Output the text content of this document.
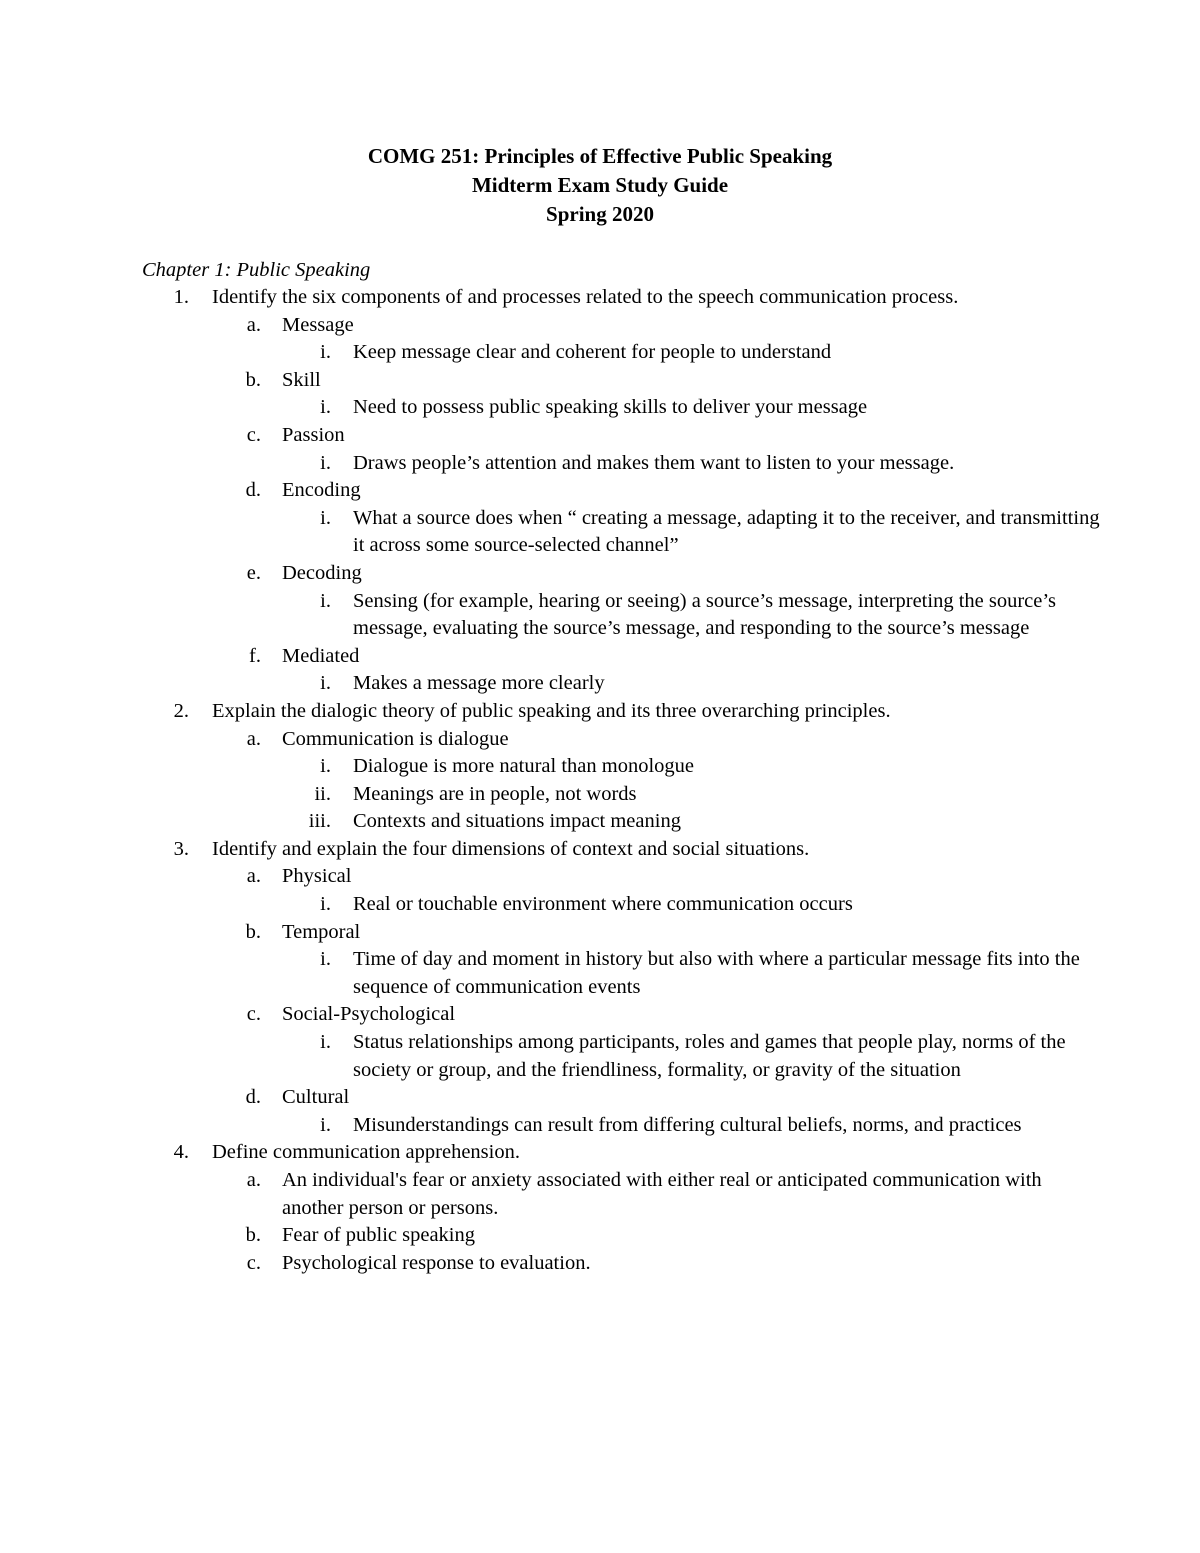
COMG 251: Principles of Effective Public Speaking
Midterm Exam Study Guide
Spring 2020
Chapter 1: Public Speaking
1. Identify the six components of and processes related to the speech communication process.
a. Message
i. Keep message clear and coherent for people to understand
b. Skill
i. Need to possess public speaking skills to deliver your message
c. Passion
i. Draws people’s attention and makes them want to listen to your message.
d. Encoding
i. What a source does when “ creating a message, adapting it to the receiver, and transmitting it across some source-selected channel”
e. Decoding
i. Sensing (for example, hearing or seeing) a source’s message, interpreting the source’s message, evaluating the source’s message, and responding to the source’s message
f. Mediated
i. Makes a message more clearly
2. Explain the dialogic theory of public speaking and its three overarching principles.
a. Communication is dialogue
i. Dialogue is more natural than monologue
ii. Meanings are in people, not words
iii. Contexts and situations impact meaning
3. Identify and explain the four dimensions of context and social situations.
a. Physical
i. Real or touchable environment where communication occurs
b. Temporal
i. Time of day and moment in history but also with where a particular message fits into the sequence of communication events
c. Social-Psychological
i. Status relationships among participants, roles and games that people play, norms of the society or group, and the friendliness, formality, or gravity of the situation
d. Cultural
i. Misunderstandings can result from differing cultural beliefs, norms, and practices
4. Define communication apprehension.
a. An individual's fear or anxiety associated with either real or anticipated communication with another person or persons.
b. Fear of public speaking
c. Psychological response to evaluation.
